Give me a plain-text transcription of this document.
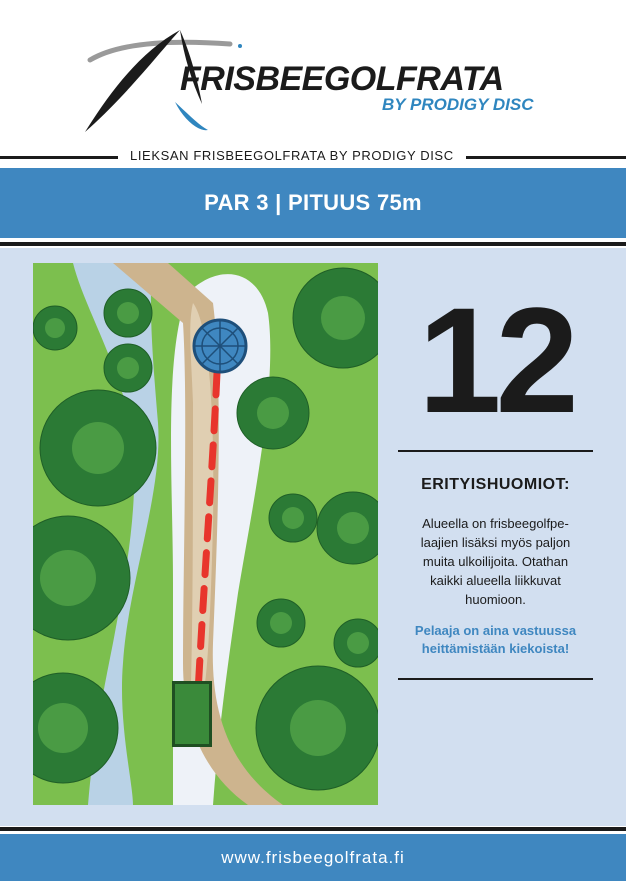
FRISBEEGOLFRATA
BY PRODIGY DISC
LIEKSAN FRISBEEGOLFRATA BY PRODIGY DISC
PAR 3 | PITUUS 75m
12
ERITYISHUOMIOT:
Alueella on frisbeegolfpe-
laajien lisäksi myös paljon
muita ulkoilijoita. Otathan
kaikki alueella liikkuvat
huomioon.
Pelaaja on aina vastuussa
heittämistään kiekoista!
www.frisbeegolfrata.fi
